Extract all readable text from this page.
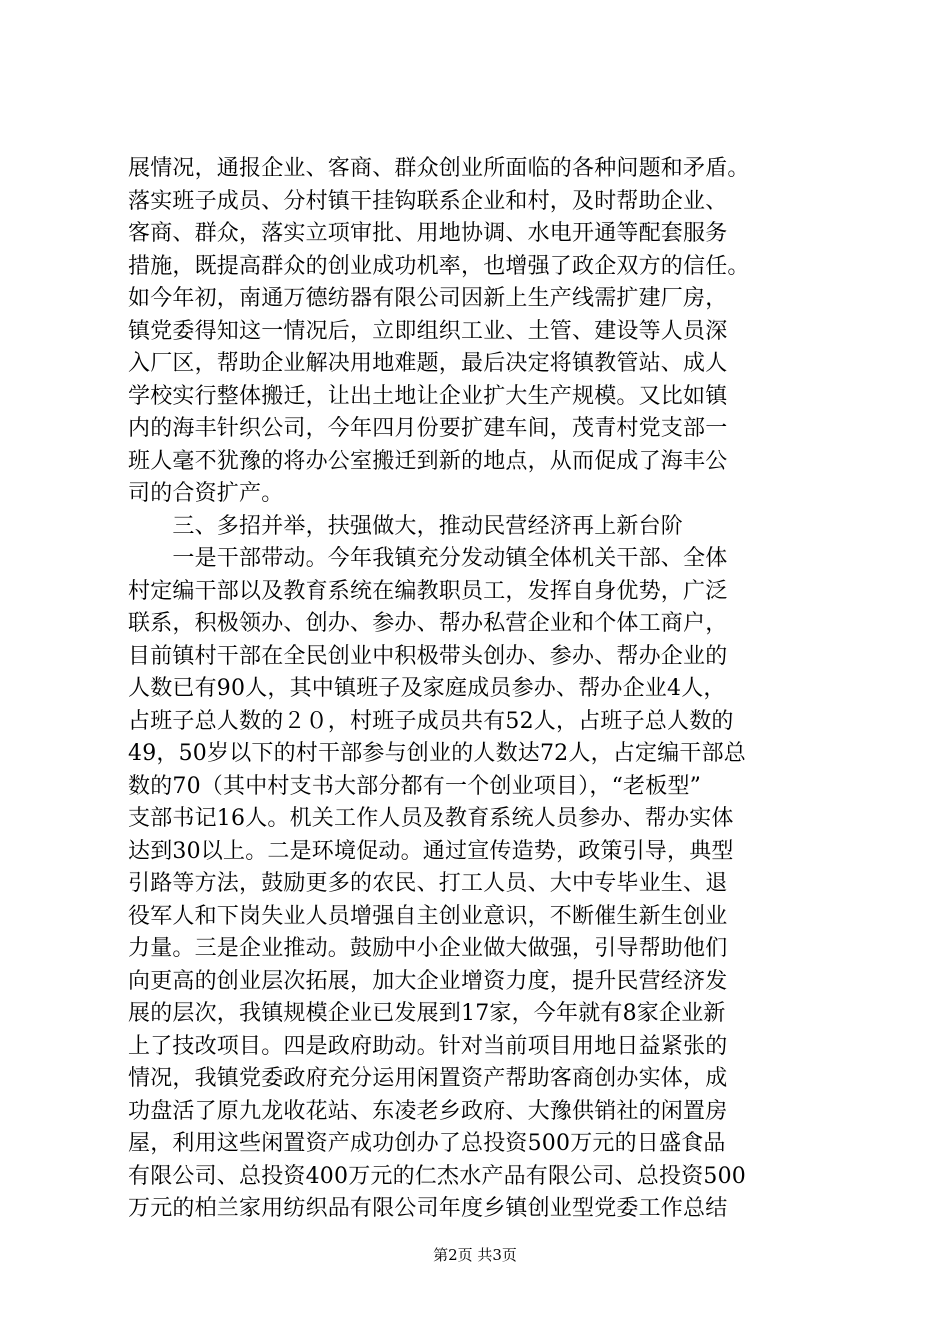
展情况，通报企业、客商、群众创业所面临的各种问题和矛盾。
落实班子成员、分村镇干挂钩联系企业和村，及时帮助企业、
客商、群众，落实立项审批、用地协调、水电开通等配套服务
措施，既提高群众的创业成功机率，也增强了政企双方的信任。
如今年初，南通万德纺器有限公司因新上生产线需扩建厂房，
镇党委得知这一情况后，立即组织工业、土管、建设等人员深
入厂区，帮助企业解决用地难题，最后决定将镇教管站、成人
学校实行整体搬迁，让出土地让企业扩大生产规模。又比如镇
内的海丰针织公司，今年四月份要扩建车间，茂青村党支部一
班人毫不犹豫的将办公室搬迁到新的地点，从而促成了海丰公
司的合资扩产。
　　三、多招并举，扶强做大，推动民营经济再上新台阶
　　一是干部带动。今年我镇充分发动镇全体机关干部、全体
村定编干部以及教育系统在编教职员工，发挥自身优势，广泛
联系，积极领办、创办、参办、帮办私营企业和个体工商户，
目前镇村干部在全民创业中积极带头创办、参办、帮办企业的
人数已有90人，其中镇班子及家庭成员参办、帮办企业4人，
占班子总人数的２０，村班子成员共有52人，占班子总人数的
49，50岁以下的村干部参与创业的人数达72人，占定编干部总
数的70（其中村支书大部分都有一个创业项目），“老板型”
支部书记16人。机关工作人员及教育系统人员参办、帮办实体
达到30以上。二是环境促动。通过宣传造势，政策引导，典型
引路等方法，鼓励更多的农民、打工人员、大中专毕业生、退
役军人和下岗失业人员增强自主创业意识，不断催生新生创业
力量。三是企业推动。鼓励中小企业做大做强，引导帮助他们
向更高的创业层次拓展，加大企业增资力度，提升民营经济发
展的层次，我镇规模企业已发展到17家，今年就有8家企业新
上了技改项目。四是政府助动。针对当前项目用地日益紧张的
情况，我镇党委政府充分运用闲置资产帮助客商创办实体，成
功盘活了原九龙收花站、东凌老乡政府、大豫供销社的闲置房
屋，利用这些闲置资产成功创办了总投资500万元的日盛食品
有限公司、总投资400万元的仁杰水产品有限公司、总投资500
万元的柏兰家用纺织品有限公司年度乡镇创业型党委工作总结
第2页 共3页
